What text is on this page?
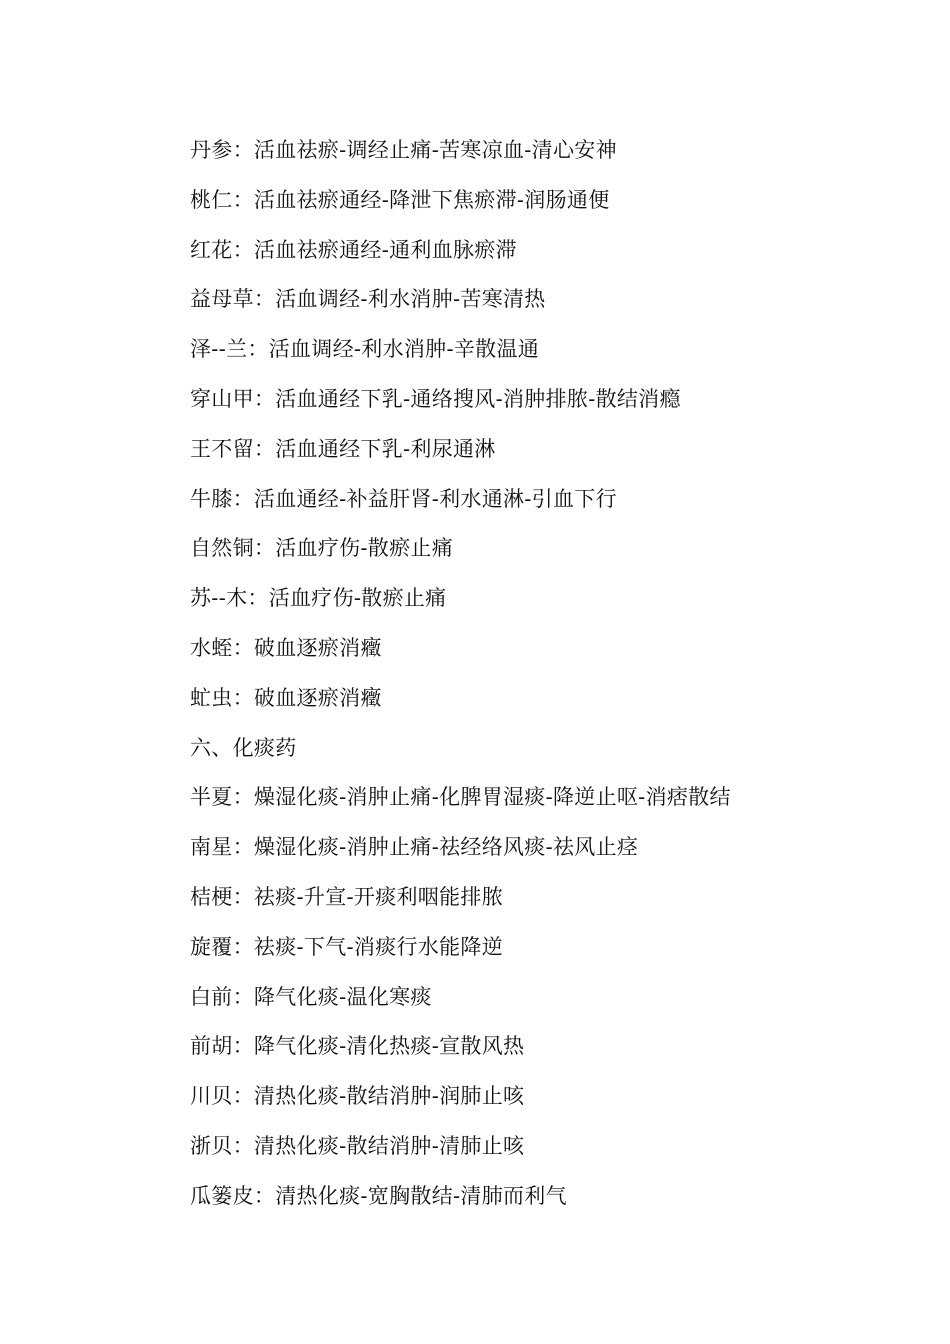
丹参：活血祛瘀-调经止痛-苦寒凉血-清心安神
桃仁：活血祛瘀通经-降泄下焦瘀滞-润肠通便
红花：活血祛瘀通经-通利血脉瘀滞
益母草：活血调经-利水消肿-苦寒清热
泽--兰：活血调经-利水消肿-辛散温通
穿山甲：活血通经下乳-通络搜风-消肿排脓-散结消瘾
王不留：活血通经下乳-利尿通淋
牛膝：活血通经-补益肝肾-利水通淋-引血下行
自然铜：活血疗伤-散瘀止痛
苏--木：活血疗伤-散瘀止痛
水蛭：破血逐瘀消癥
虻虫：破血逐瘀消癥
六、化痰药
半夏：燥湿化痰-消肿止痛-化脾胃湿痰-降逆止呕-消痞散结
南星：燥湿化痰-消肿止痛-祛经络风痰-祛风止痉
桔梗：祛痰-升宣-开痰利咽能排脓
旋覆：祛痰-下气-消痰行水能降逆
白前：降气化痰-温化寒痰
前胡：降气化痰-清化热痰-宣散风热
川贝：清热化痰-散结消肿-润肺止咳
浙贝：清热化痰-散结消肿-清肺止咳
瓜篓皮：清热化痰-宽胸散结-清肺而利气
